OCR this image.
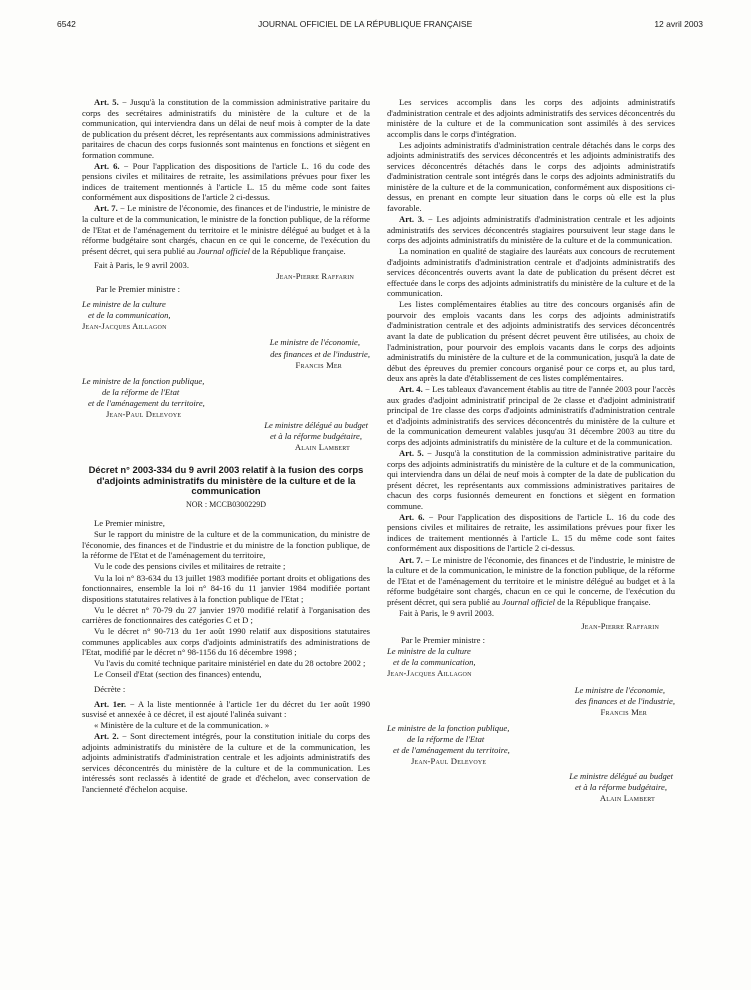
6542	JOURNAL OFFICIEL DE LA RÉPUBLIQUE FRANÇAISE	12 avril 2003

Art. 5. − Jusqu'à la constitution de la commission administrative paritaire du corps des secrétaires administratifs du ministère de la culture et de la communication, qui interviendra dans un délai de neuf mois à compter de la date de publication du présent décret, les représentants aux commissions administratives paritaires de chacun des corps fusionnés sont maintenus en fonctions et siègent en formation commune.

Art. 6. − Pour l'application des dispositions de l'article L. 16 du code des pensions civiles et militaires de retraite, les assimilations prévues pour fixer les indices de traitement mentionnés à l'article L. 15 du même code sont faites conformément aux dispositions de l'article 2 ci-dessus.

Art. 7. − Le ministre de l'économie, des finances et de l'industrie, le ministre de la culture et de la communication, le ministre de la fonction publique, de la réforme de l'Etat et de l'aménagement du territoire et le ministre délégué au budget et à la réforme budgétaire sont chargés, chacun en ce qui le concerne, de l'exécution du présent décret, qui sera publié au Journal officiel de la République française.

Fait à Paris, le 9 avril 2003.

Jean-Pierre Raffarin

Par le Premier ministre :

Le ministre de la culture

et de la communication,

Jean-Jacques Aillagon

Le ministre de l'économie,

des finances et de l'industrie,

Francis Mer

Le ministre de la fonction publique,

de la réforme de l'Etat

et de l'aménagement du territoire,

Jean-Paul Delevoye

Le ministre délégué au budget

et à la réforme budgétaire,

Alain Lambert

Décret n° 2003-334 du 9 avril 2003 relatif à la fusion des corps d'adjoints administratifs du ministère de la culture et de la communication

NOR : MCCB0300229D

Le Premier ministre,

Sur le rapport du ministre de la culture et de la communication, du ministre de l'économie, des finances et de l'industrie et du ministre de la fonction publique, de la réforme de l'Etat et de l'aménagement du territoire,

Vu le code des pensions civiles et militaires de retraite ;

Vu la loi n° 83-634 du 13 juillet 1983 modifiée portant droits et obligations des fonctionnaires, ensemble la loi n° 84-16 du 11 janvier 1984 modifiée portant dispositions statutaires relatives à la fonction publique de l'Etat ;

Vu le décret n° 70-79 du 27 janvier 1970 modifié relatif à l'organisation des carrières de fonctionnaires des catégories C et D ;

Vu le décret n° 90-713 du 1er août 1990 relatif aux dispositions statutaires communes applicables aux corps d'adjoints administratifs des administrations de l'Etat, modifié par le décret n° 98-1156 du 16 décembre 1998 ;

Vu l'avis du comité technique paritaire ministériel en date du 28 octobre 2002 ;

Le Conseil d'Etat (section des finances) entendu,

Décrète :

Art. 1er. − A la liste mentionnée à l'article 1er du décret du 1er août 1990 susvisé et annexée à ce décret, il est ajouté l'alinéa suivant :

« Ministère de la culture et de la communication. »

Art. 2. − Sont directement intégrés, pour la constitution initiale du corps des adjoints administratifs du ministère de la culture et de la communication, les adjoints administratifs d'administration centrale et les adjoints administratifs des services déconcentrés du ministère de la culture et de la communication. Les intéressés sont reclassés à identité de grade et d'échelon, avec conservation de l'ancienneté d'échelon acquise.

Les services accomplis dans les corps des adjoints administratifs d'administration centrale et des adjoints administratifs des services déconcentrés du ministère de la culture et de la communication sont assimilés à des services accomplis dans le corps d'intégration.

Les adjoints administratifs d'administration centrale détachés dans le corps des adjoints administratifs des services déconcentrés et les adjoints administratifs des services déconcentrés détachés dans le corps des adjoints administratifs d'administration centrale sont intégrés dans le corps des adjoints administratifs du ministère de la culture et de la communication, conformément aux dispositions ci-dessus, en prenant en compte leur situation dans le corps où elle est la plus favorable.

Art. 3. − Les adjoints administratifs d'administration centrale et les adjoints administratifs des services déconcentrés stagiaires poursuivent leur stage dans le corps des adjoints administratifs du ministère de la culture et de la communication.

La nomination en qualité de stagiaire des lauréats aux concours de recrutement d'adjoints administratifs d'administration centrale et d'adjoints administratifs des services déconcentrés ouverts avant la date de publication du présent décret est effectuée dans le corps des adjoints administratifs du ministère de la culture et de la communication.

Les listes complémentaires établies au titre des concours organisés afin de pourvoir des emplois vacants dans les corps des adjoints administratifs d'administration centrale et des adjoints administratifs des services déconcentrés avant la date de publication du présent décret peuvent être utilisées, au choix de l'administration, pour pourvoir des emplois vacants dans le corps des adjoints administratifs du ministère de la culture et de la communication, jusqu'à la date de début des épreuves du premier concours organisé pour ce corps et, au plus tard, deux ans après la date d'établissement de ces listes complémentaires.

Art. 4. − Les tableaux d'avancement établis au titre de l'année 2003 pour l'accès aux grades d'adjoint administratif principal de 2e classe et d'adjoint administratif principal de 1re classe des corps d'adjoints administratifs d'administration centrale et d'adjoints administratifs des services déconcentrés du ministère de la culture et de la communication demeurent valables jusqu'au 31 décembre 2003 au titre du corps des adjoints administratifs du ministère de la culture et de la communication.

Art. 5. − Jusqu'à la constitution de la commission administrative paritaire du corps des adjoints administratifs du ministère de la culture et de la communication, qui interviendra dans un délai de neuf mois à compter de la date de publication du présent décret, les représentants aux commissions administratives paritaires de chacun des corps fusionnés demeurent en fonctions et siègent en formation commune.

Art. 6. − Pour l'application des dispositions de l'article L. 16 du code des pensions civiles et militaires de retraite, les assimilations prévues pour fixer les indices de traitement mentionnés à l'article L. 15 du même code sont faites conformément aux dispositions de l'article 2 ci-dessus.

Art. 7. − Le ministre de l'économie, des finances et de l'industrie, le ministre de la culture et de la communication, le ministre de la fonction publique, de la réforme de l'Etat et de l'aménagement du territoire et le ministre délégué au budget et à la réforme budgétaire sont chargés, chacun en ce qui le concerne, de l'exécution du présent décret, qui sera publié au Journal officiel de la République française.

Fait à Paris, le 9 avril 2003.

Jean-Pierre Raffarin

Par le Premier ministre :

Le ministre de la culture

et de la communication,

Jean-Jacques Aillagon

Le ministre de l'économie,

des finances et de l'industrie,

Francis Mer

Le ministre de la fonction publique,

de la réforme de l'Etat

et de l'aménagement du territoire,

Jean-Paul Delevoye

Le ministre délégué au budget

et à la réforme budgétaire,

Alain Lambert
